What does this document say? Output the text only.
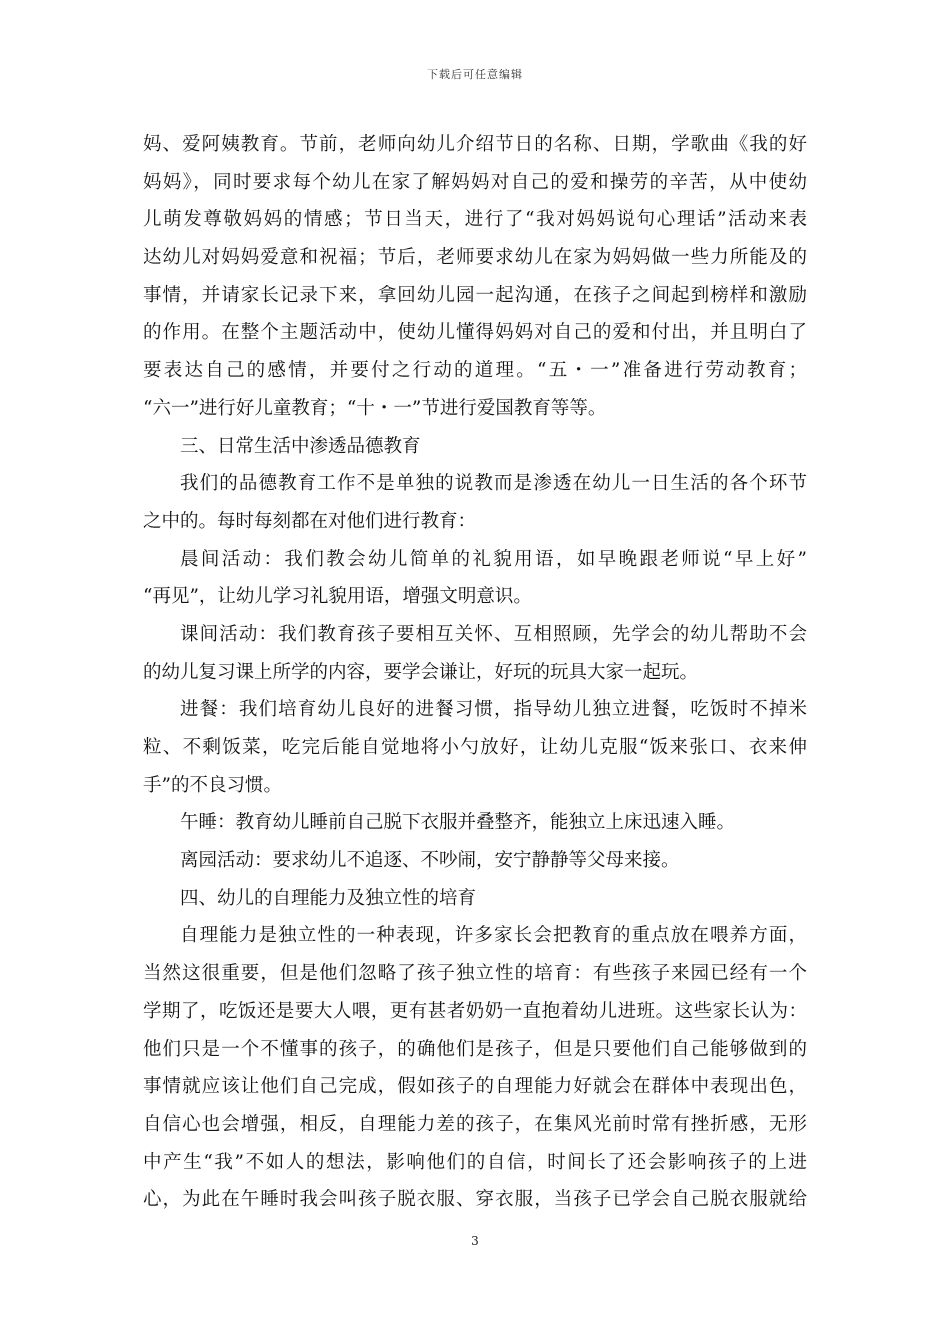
下载后可任意编辑
妈、爱阿姨教育。节前，老师向幼儿介绍节日的名称、日期，学歌曲《我的好
妈妈》，同时要求每个幼儿在家了解妈妈对自己的爱和操劳的辛苦，从中使幼
儿萌发尊敬妈妈的情感；节日当天，进行了“我对妈妈说句心理话”活动来表
达幼儿对妈妈爱意和祝福；节后，老师要求幼儿在家为妈妈做一些力所能及的
事情，并请家长记录下来，拿回幼儿园一起沟通，在孩子之间起到榜样和激励
的作用。在整个主题活动中，使幼儿懂得妈妈对自己的爱和付出，并且明白了
要表达自己的感情，并要付之行动的道理。“五・一”准备进行劳动教育；
“六一”进行好儿童教育；“十・一”节进行爱国教育等等。
三、日常生活中渗透品德教育
我们的品德教育工作不是单独的说教而是渗透在幼儿一日生活的各个环节
之中的。每时每刻都在对他们进行教育：
晨间活动：我们教会幼儿简单的礼貌用语，如早晚跟老师说“早上好”
“再见”，让幼儿学习礼貌用语，增强文明意识。
课间活动：我们教育孩子要相互关怀、互相照顾，先学会的幼儿帮助不会
的幼儿复习课上所学的内容，要学会谦让，好玩的玩具大家一起玩。
进餐：我们培育幼儿良好的进餐习惯，指导幼儿独立进餐，吃饭时不掉米
粒、不剩饭菜，吃完后能自觉地将小勺放好，让幼儿克服“饭来张口、衣来伸
手”的不良习惯。
午睡：教育幼儿睡前自己脱下衣服并叠整齐，能独立上床迅速入睡。
离园活动：要求幼儿不追逐、不吵闹，安宁静静等父母来接。
四、幼儿的自理能力及独立性的培育
自理能力是独立性的一种表现，许多家长会把教育的重点放在喂养方面，
当然这很重要，但是他们忽略了孩子独立性的培育：有些孩子来园已经有一个
学期了，吃饭还是要大人喂，更有甚者奶奶一直抱着幼儿进班。这些家长认为：
他们只是一个不懂事的孩子，的确他们是孩子，但是只要他们自己能够做到的
事情就应该让他们自己完成，假如孩子的自理能力好就会在群体中表现出色，
自信心也会增强，相反，自理能力差的孩子，在集风光前时常有挫折感，无形
中产生“我”不如人的想法，影响他们的自信，时间长了还会影响孩子的上进
心，为此在午睡时我会叫孩子脱衣服、穿衣服，当孩子已学会自己脱衣服就给
3
